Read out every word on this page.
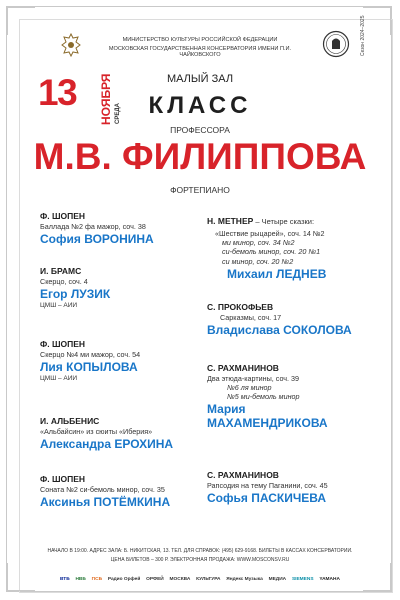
МИНИСТЕРСТВО КУЛЬТУРЫ РОССИЙСКОЙ ФЕДЕРАЦИИ
МОСКОВСКАЯ ГОСУДАРСТВЕННАЯ КОНСЕРВАТОРИЯ ИМЕНИ П.И. ЧАЙКОВСКОГО	Сезон 2024–2025
13 НОЯБРЯ СРЕДА
МАЛЫЙ ЗАЛ
КЛАСС
ПРОФЕССОРА
М.В. ФИЛИППОВА
ФОРТЕПИАНО
Ф. ШОПЕН
Баллада №2 фа мажор, соч. 38
София ВОРОНИНА
И. БРАМС
Скерцо, соч. 4
Егор ЛУЗИК
ЦМШ – АИИ
Ф. ШОПЕН
Скерцо №4 ми мажор, соч. 54
Лия КОПЫЛОВА
ЦМШ – АИИ
И. АЛЬБЕНИС
«Альбайсин» из сюиты «Иберия»
Александра ЕРОХИНА
Ф. ШОПЕН
Соната №2 си-бемоль минор, соч. 35
Аксинья ПОТЁМКИНА
Н. МЕТНЕР – Четыре сказки:
«Шествие рыцарей», соч. 14 №2
ми минор, соч. 34 №2
си-бемоль минор, соч. 20 №1
си минор, соч. 20 №2
Михаил ЛЕДНЕВ
С. ПРОКОФЬЕВ
Сарказмы, соч. 17
Владислава СОКОЛОВА
С. РАХМАНИНОВ
Два этюда-картины, соч. 39
№6 ля минор
№5 ми-бемоль минор
Мария
МАХАМЕНДРИКОВА
С. РАХМАНИНОВ
Рапсодия на тему Паганини, соч. 45
Софья ПАСКИЧЕВА
НАЧАЛО В 19:00. АДРЕС ЗАЛА: Б. НИКИТСКАЯ, 13. ТЕЛ. ДЛЯ СПРАВОК: (495) 629-9168. БИЛЕТЫ В КАССАХ КОНСЕРВАТОРИИ.
ЦЕНА БИЛЕТОВ – 300 Р. ЭЛЕКТРОННАЯ ПРОДАЖА: WWW.MOSCONSV.RU
ВТБ НВБ ПСБ Радио Орфей ОРФЕЙ МОСКВА КУЛЬТУРА Яндекс Музыка МЕДИА SIEMENS YAMAHA
